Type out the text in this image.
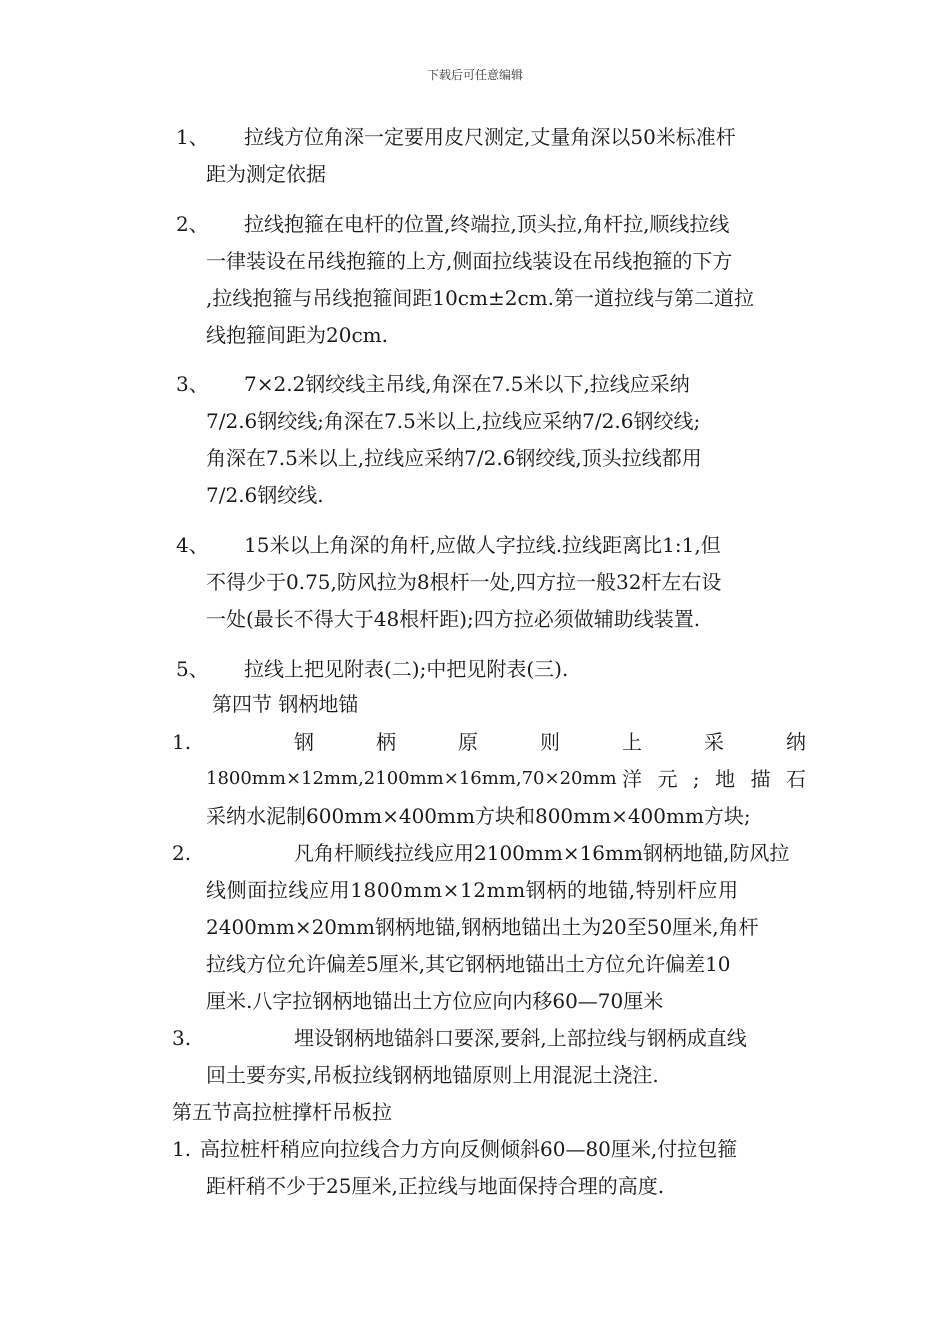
下载后可任意编辑
1、 拉线方位角深一定要用皮尺测定,丈量角深以50米标准杆
距为测定依据
2、 拉线抱箍在电杆的位置,终端拉,顶头拉,角杆拉,顺线拉线
一律装设在吊线抱箍的上方,侧面拉线装设在吊线抱箍的下方
,拉线抱箍与吊线抱箍间距10cm±2cm.第一道拉线与第二道拉
线抱箍间距为20cm.
3、 7×2.2钢绞线主吊线,角深在7.5米以下,拉线应采纳
7/2.6钢绞线;角深在7.5米以上,拉线应采纳7/2.6钢绞线;
角深在7.5米以上,拉线应采纳7/2.6钢绞线,顶头拉线都用
7/2.6钢绞线.
4、 15米以上角深的角杆,应做人字拉线.拉线距离比1:1,但
不得少于0.75,防风拉为8根杆一处,四方拉一般32杆左右设
一处(最长不得大于48根杆距);四方拉必须做辅助线装置.
5、 拉线上把见附表(二);中把见附表(三).
第四节 钢柄地锚
1.	钢	柄	原	则	上	采	纳
1800mm×12mm,2100mm×16mm,70×20mm 洋 元 ; 地 描 石
采纳水泥制600mm×400mm方块和800mm×400mm方块;
2.	凡角杆顺线拉线应用2100mm×16mm钢柄地锚,防风拉
线侧面拉线应用1800mm×12mm钢柄的地锚,特别杆应用
2400mm×20mm钢柄地锚,钢柄地锚出土为20至50厘米,角杆
拉线方位允许偏差5厘米,其它钢柄地锚出土方位允许偏差10
厘米.八字拉钢柄地锚出土方位应向内移60—70厘米
3.	埋设钢柄地锚斜口要深,要斜,上部拉线与钢柄成直线
回土要夯实,吊板拉线钢柄地锚原则上用混泥土浇注.
第五节高拉桩撑杆吊板拉
1. 高拉桩杆稍应向拉线合力方向反侧倾斜60—80厘米,付拉包箍
距杆稍不少于25厘米,正拉线与地面保持合理的高度.
